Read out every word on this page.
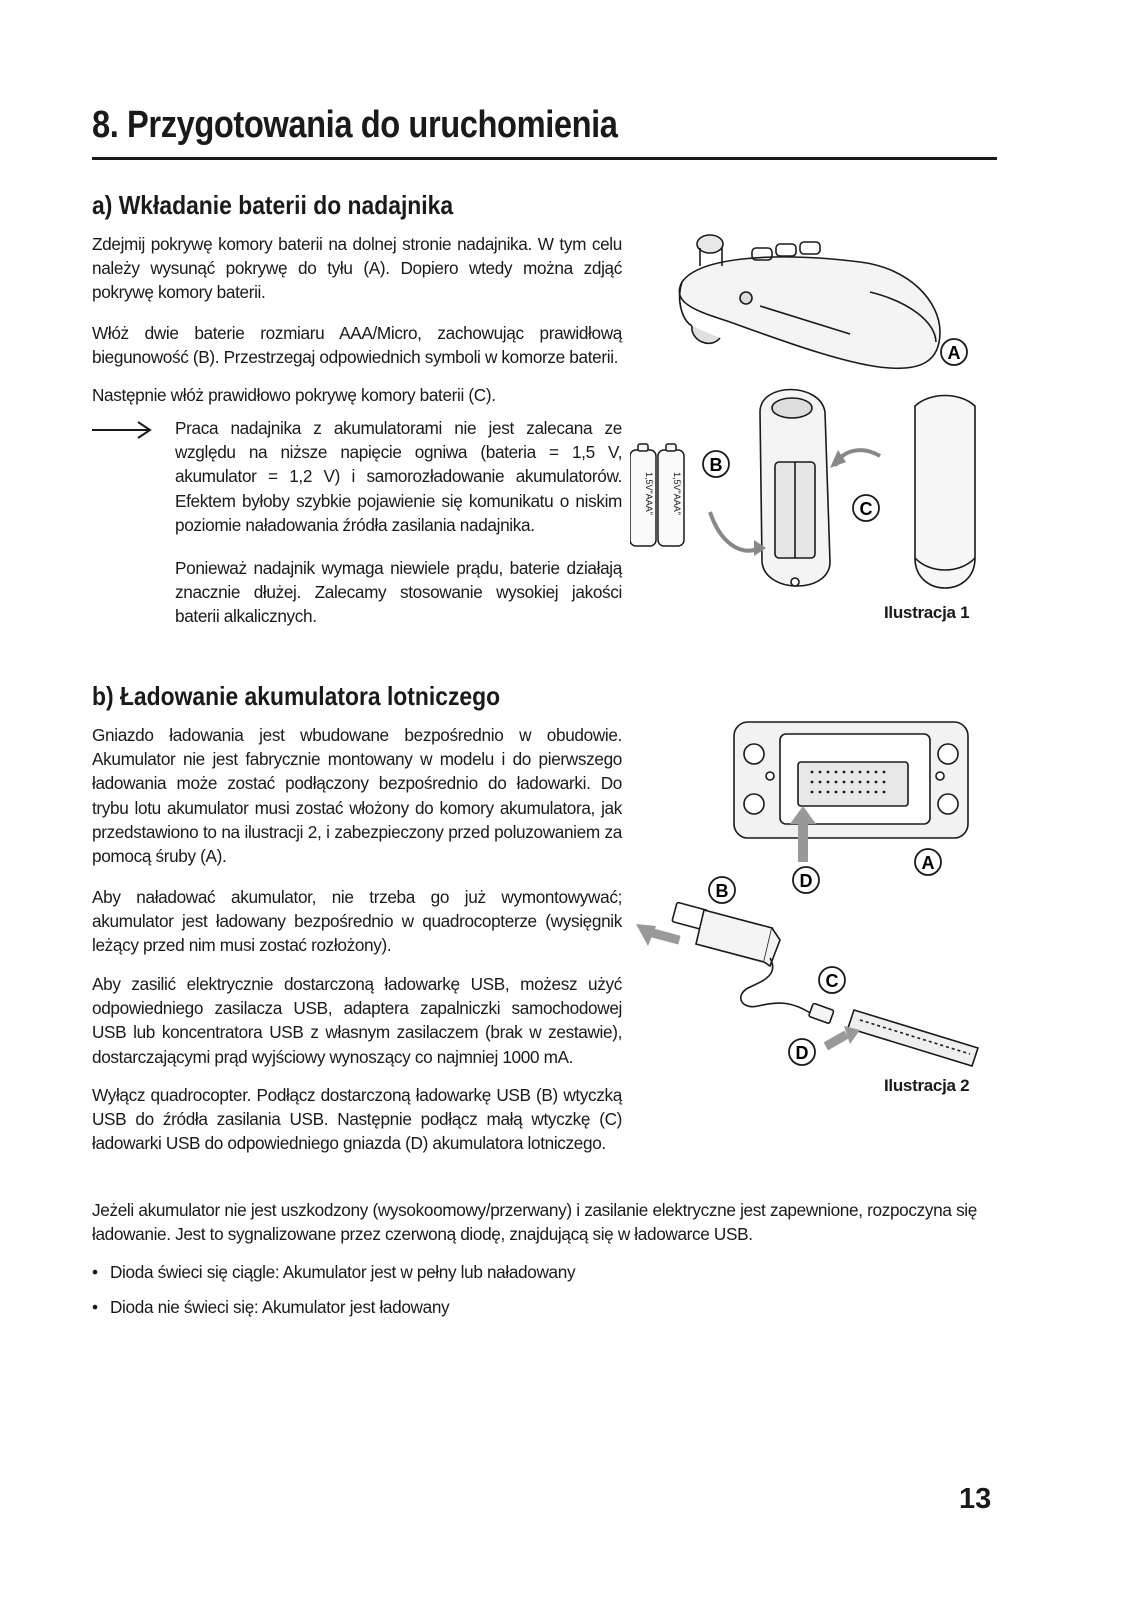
8. Przygotowania do uruchomienia
a) Wkładanie baterii do nadajnika

Zdejmij pokrywę komory baterii na dolnej stronie nadajnika. W tym celu należy wysunąć pokrywę do tyłu (A). Dopiero wtedy można zdjąć pokrywę komory baterii.

Włóż dwie baterie rozmiaru AAA/Micro, zachowując prawidłową biegunowość (B). Przestrzegaj odpowiednich symboli w komorze baterii.

Następnie włóż prawidłowo pokrywę komory baterii (C).

Praca nadajnika z akumulatorami nie jest zalecana ze względu na niższe napięcie ogniwa (bateria = 1,5 V, akumulator = 1,2 V) i samorozładowanie akumulatorów. Efektem byłoby szybkie pojawienie się komunikatu o niskim poziomie naładowania źródła zasilania nadajnika.

Ponieważ nadajnik wymaga niewiele prądu, baterie działają znacznie dłużej. Zalecamy stosowanie wysokiej jakości baterii alkalicznych.

1,5V"AAA" 1,5V"AAA"
A
B
C
Ilustracja 1
b) Ładowanie akumulatora lotniczego

Gniazdo ładowania jest wbudowane bezpośrednio w obudowie. Akumulator nie jest fabrycznie montowany w modelu i do pierwszego ładowania może zostać podłączony bezpośrednio do ładowarki. Do trybu lotu akumulator musi zostać włożony do komory akumulatora, jak przedstawiono to na ilustracji 2, i zabezpieczony przed poluzowaniem za pomocą śruby (A).

Aby naładować akumulator, nie trzeba go już wymontowywać; akumulator jest ładowany bezpośrednio w quadrocopterze (wysięgnik leżący przed nim musi zostać rozłożony).

Aby zasilić elektrycznie dostarczoną ładowarkę USB, możesz użyć odpowiedniego zasilacza USB, adaptera zapalniczki samochodowej USB lub koncentratora USB z własnym zasilaczem (brak w zestawie), dostarczającymi prąd wyjściowy wynoszący co najmniej 1000 mA.

Wyłącz quadrocopter. Podłącz dostarczoną ładowarkę USB (B) wtyczką USB do źródła zasilania USB. Następnie podłącz małą wtyczkę (C) ładowarki USB do odpowiedniego gniazda (D) akumulatora lotniczego.

Jeżeli akumulator nie jest uszkodzony (wysokoomowy/przerwany) i zasilanie elektryczne jest zapewnione, rozpoczyna się ładowanie. Jest to sygnalizowane przez czerwoną diodę, znajdującą się w ładowarce USB.

• Dioda świeci się ciągle: Akumulator jest w pełny lub naładowany
• Dioda nie świeci się: Akumulator jest ładowany
A
B	D
C
D
Ilustracja 2
13
